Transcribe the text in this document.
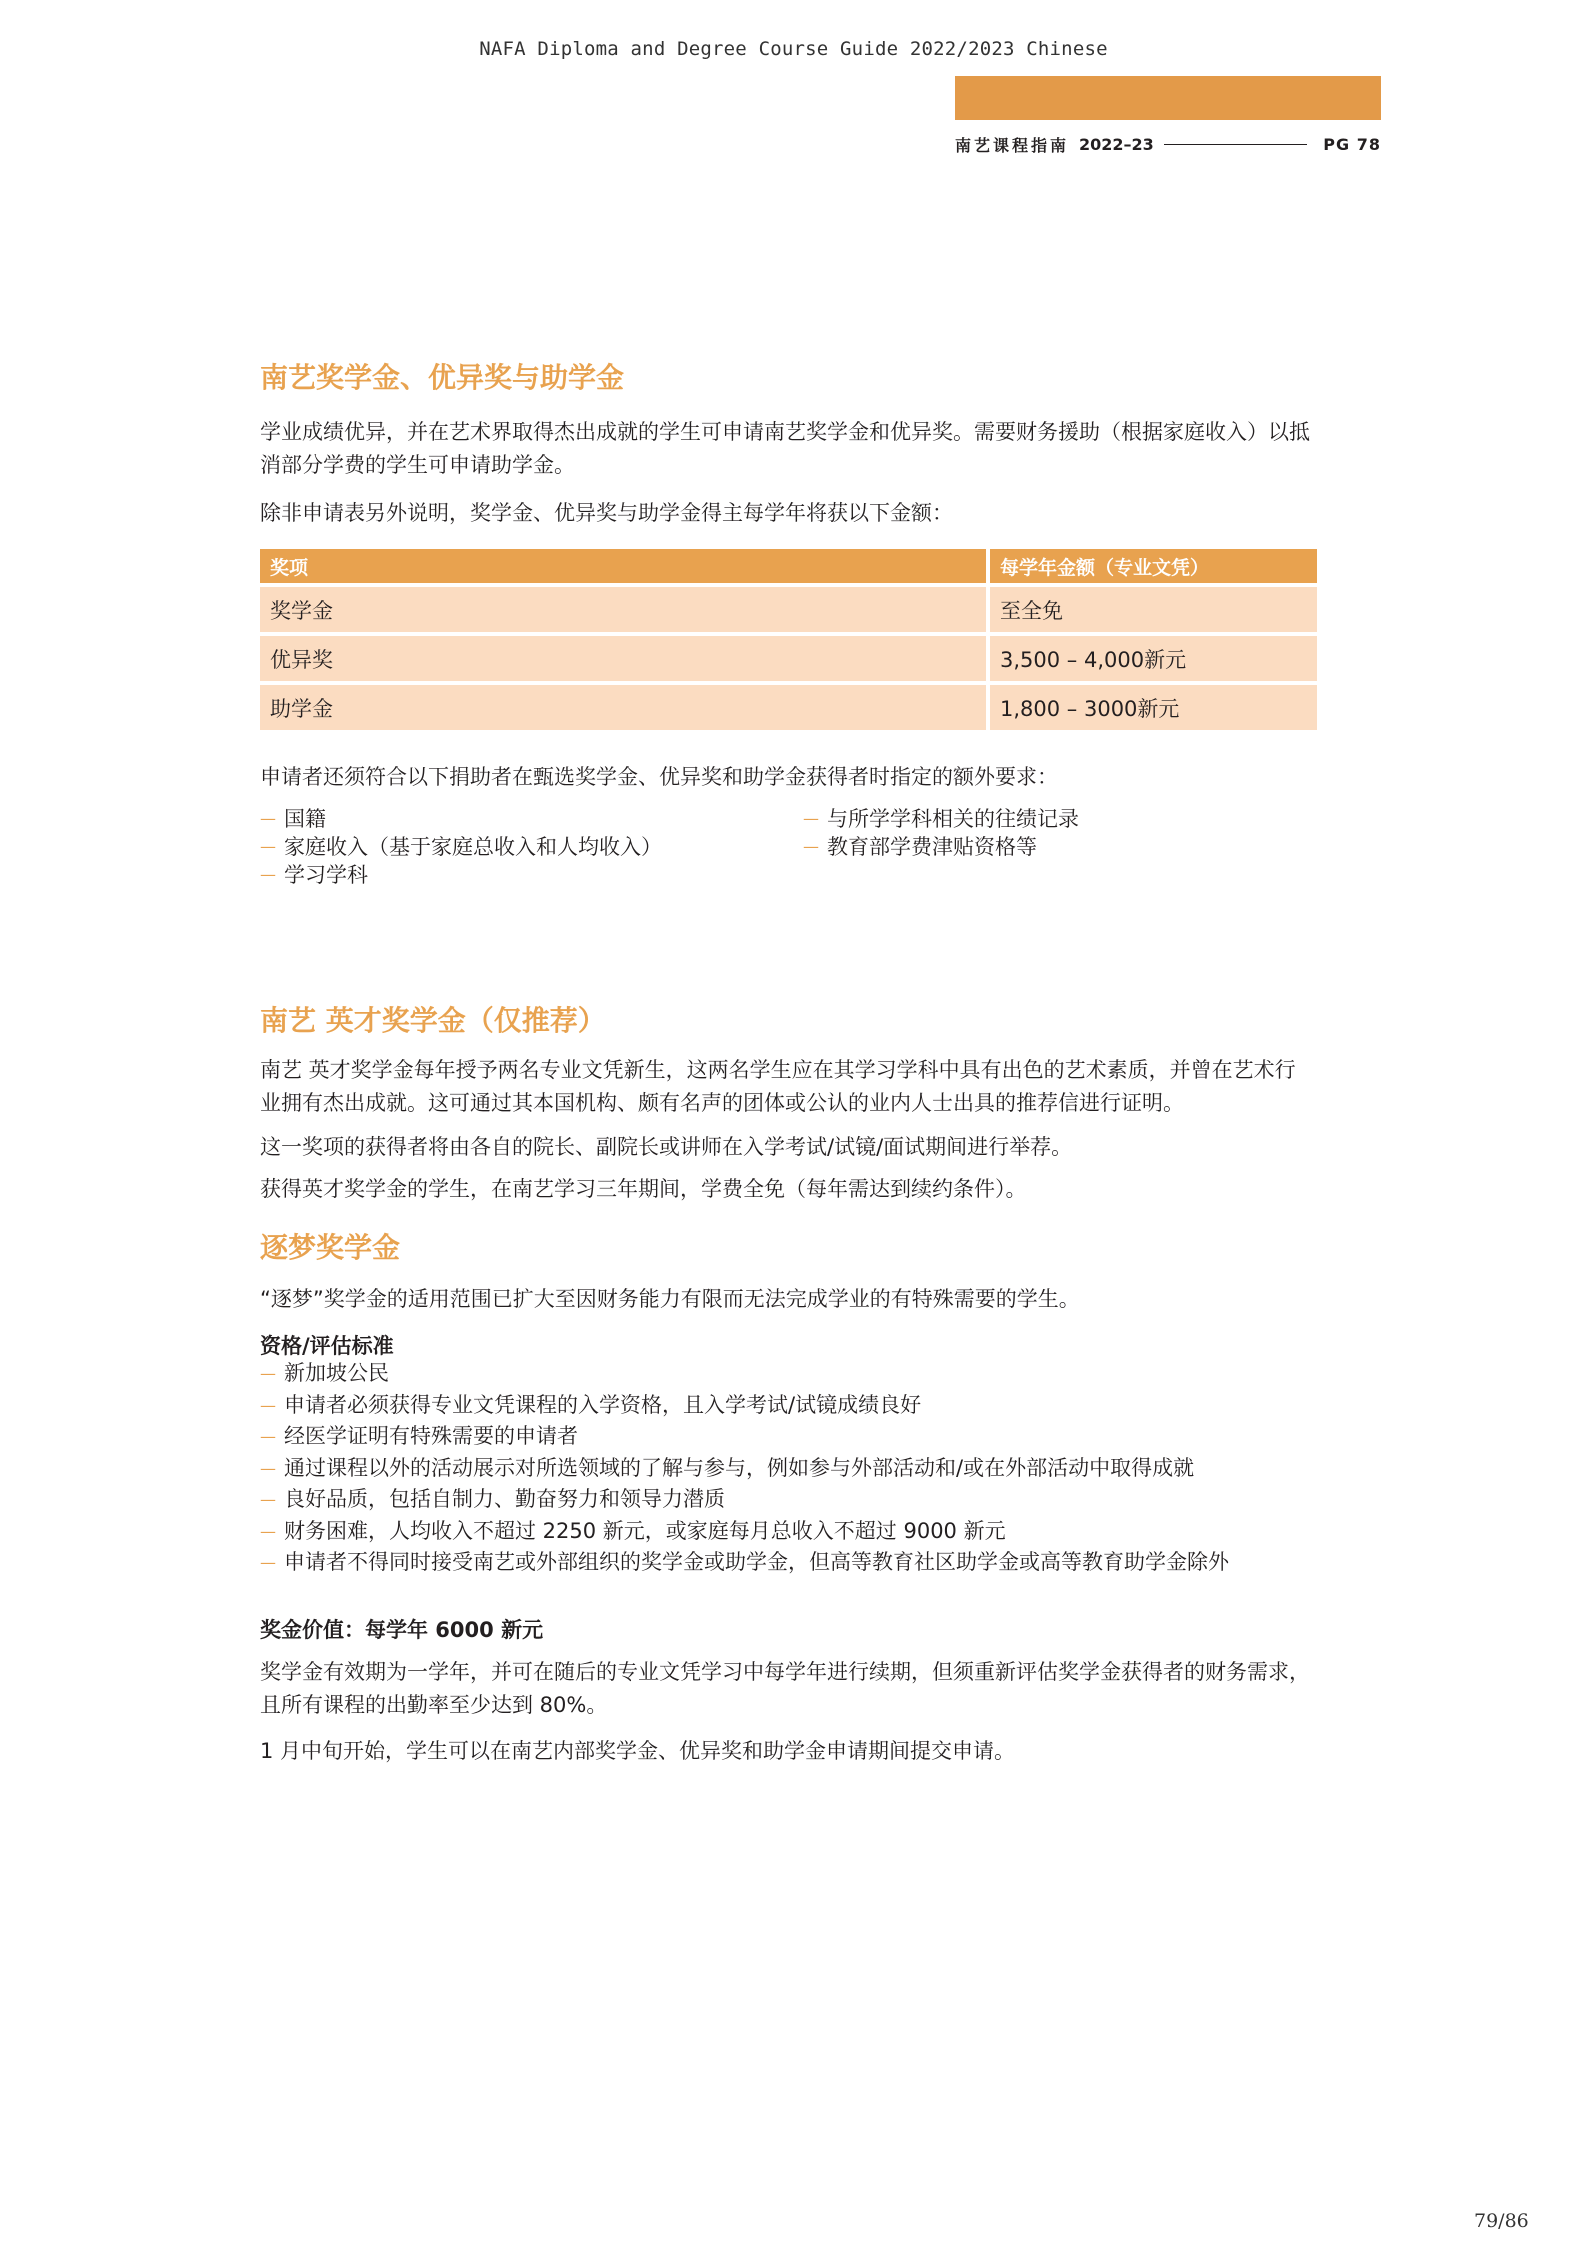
NAFA Diploma and Degree Course Guide 2022/2023 Chinese
南艺课程指南 2022–23	PG 78
南艺奖学金、优异奖与助学金

学业成绩优异，并在艺术界取得杰出成就的学生可申请南艺奖学金和优异奖。需要财务援助（根据家庭收入）以抵消部分学费的学生可申请助学金。

除非申请表另外说明，奖学金、优异奖与助学金得主每学年将获以下金额：

奖项	每学年金额（专业文凭）
奖学金	至全免
优异奖	3,500 – 4,000新元
助学金	1,800 – 3000新元

申请者还须符合以下捐助者在甄选奖学金、优异奖和助学金获得者时指定的额外要求：

— 国籍
— 家庭收入（基于家庭总收入和人均收入）
— 学习学科
— 与所学学科相关的往绩记录
— 教育部学费津贴资格等
南艺 英才奖学金（仅推荐）

南艺 英才奖学金每年授予两名专业文凭新生，这两名学生应在其学习学科中具有出色的艺术素质，并曾在艺术行业拥有杰出成就。这可通过其本国机构、颇有名声的团体或公认的业内人士出具的推荐信进行证明。

这一奖项的获得者将由各自的院长、副院长或讲师在入学考试/试镜/面试期间进行举荐。

获得英才奖学金的学生，在南艺学习三年期间，学费全免（每年需达到续约条件）。

逐梦奖学金

“逐梦”奖学金的适用范围已扩大至因财务能力有限而无法完成学业的有特殊需要的学生。

资格/评估标准
— 新加坡公民
— 申请者必须获得专业文凭课程的入学资格，且入学考试/试镜成绩良好
— 经医学证明有特殊需要的申请者
— 通过课程以外的活动展示对所选领域的了解与参与，例如参与外部活动和/或在外部活动中取得成就
— 良好品质，包括自制力、勤奋努力和领导力潜质
— 财务困难，人均收入不超过 2250 新元，或家庭每月总收入不超过 9000 新元
— 申请者不得同时接受南艺或外部组织的奖学金或助学金，但高等教育社区助学金或高等教育助学金除外
奖金价值：每学年 6000 新元

奖学金有效期为一学年，并可在随后的专业文凭学习中每学年进行续期，但须重新评估奖学金获得者的财务需求，且所有课程的出勤率至少达到 80%。

1 月中旬开始，学生可以在南艺内部奖学金、优异奖和助学金申请期间提交申请。

79/86
